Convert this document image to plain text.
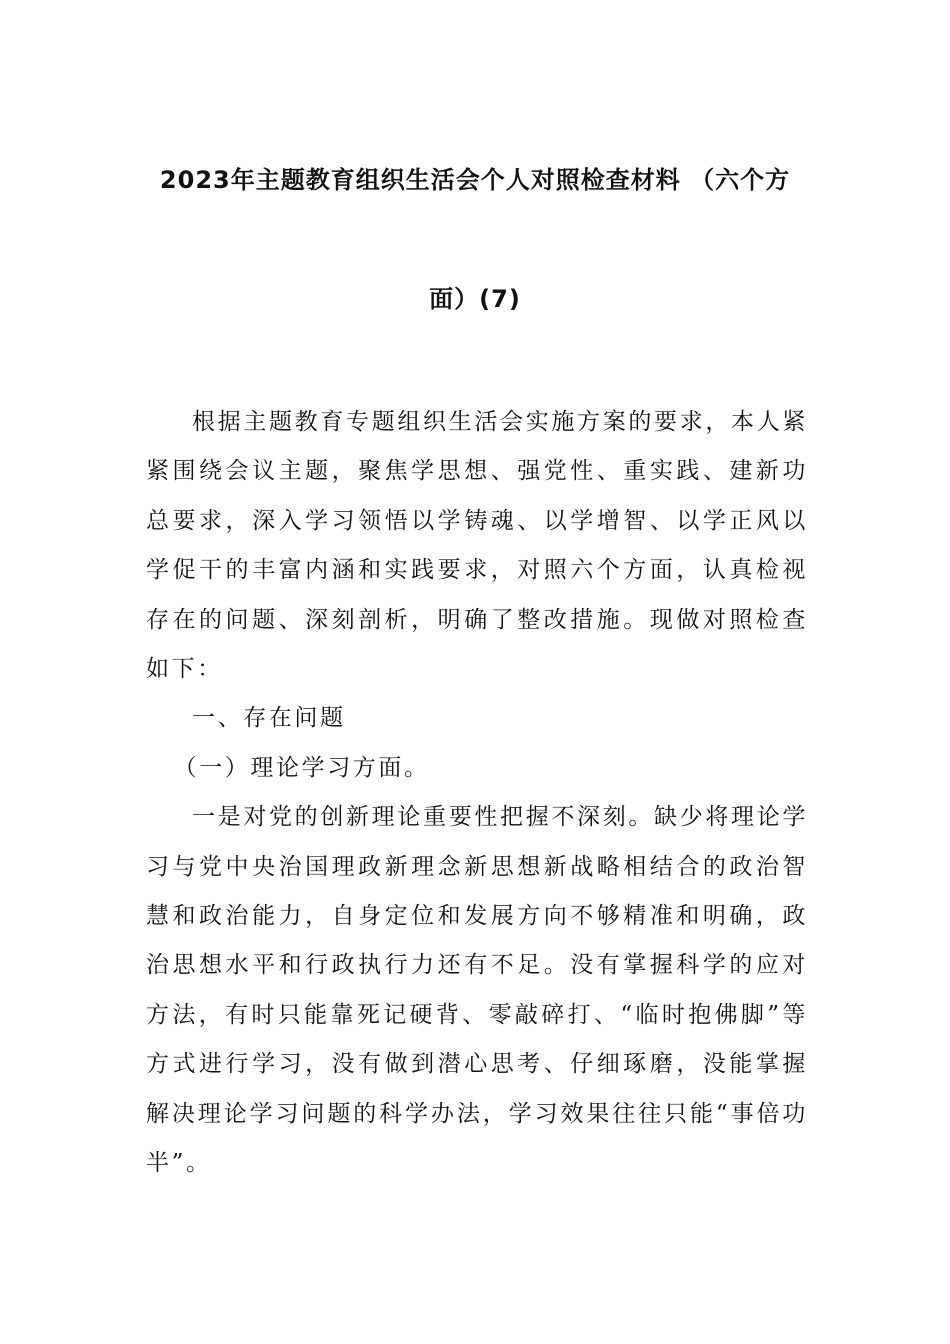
2023年主题教育组织生活会个人对照检查材料 （六个方
面）(7)

根据主题教育专题组织生活会实施方案的要求，本人紧紧围绕会议主题，聚焦学思想、强党性、重实践、建新功总要求，深入学习领悟以学铸魂、以学增智、以学正风以学促干的丰富内涵和实践要求，对照六个方面，认真检视存在的问题、深刻剖析，明确了整改措施。现做对照检查如下：

一、存在问题

（一）理论学习方面。

一是对党的创新理论重要性把握不深刻。缺少将理论学习与党中央治国理政新理念新思想新战略相结合的政治智慧和政治能力，自身定位和发展方向不够精准和明确，政治思想水平和行政执行力还有不足。没有掌握科学的应对方法，有时只能靠死记硬背、零敲碎打、“临时抱佛脚”等方式进行学习，没有做到潜心思考、仔细琢磨，没能掌握解决理论学习问题的科学办法，学习效果往往只能“事倍功半”。
